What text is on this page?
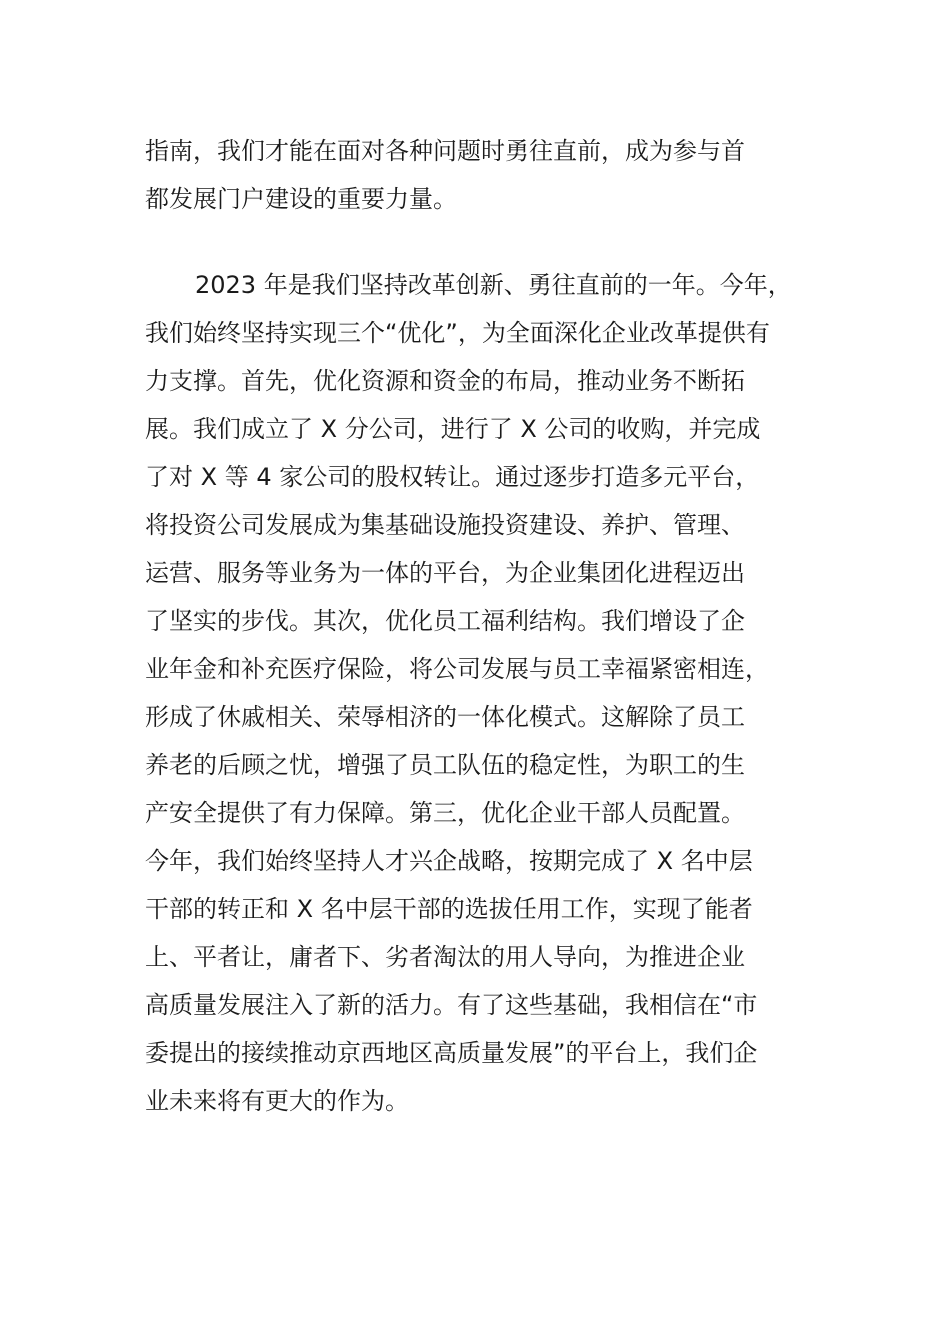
指南，我们才能在面对各种问题时勇往直前，成为参与首
都发展门户建设的重要力量。

2023 年是我们坚持改革创新、勇往直前的一年。今年，
我们始终坚持实现三个“优化”，为全面深化企业改革提供有
力支撑。首先，优化资源和资金的布局，推动业务不断拓
展。我们成立了 X 分公司，进行了 X 公司的收购，并完成
了对 X 等 4 家公司的股权转让。通过逐步打造多元平台，
将投资公司发展成为集基础设施投资建设、养护、管理、
运营、服务等业务为一体的平台，为企业集团化进程迈出
了坚实的步伐。其次，优化员工福利结构。我们增设了企
业年金和补充医疗保险，将公司发展与员工幸福紧密相连，
形成了休戚相关、荣辱相济的一体化模式。这解除了员工
养老的后顾之忧，增强了员工队伍的稳定性，为职工的生
产安全提供了有力保障。第三，优化企业干部人员配置。
今年，我们始终坚持人才兴企战略，按期完成了 X 名中层
干部的转正和 X 名中层干部的选拔任用工作，实现了能者
上、平者让，庸者下、劣者淘汰的用人导向，为推进企业
高质量发展注入了新的活力。有了这些基础，我相信在“市
委提出的接续推动京西地区高质量发展”的平台上，我们企
业未来将有更大的作为。
